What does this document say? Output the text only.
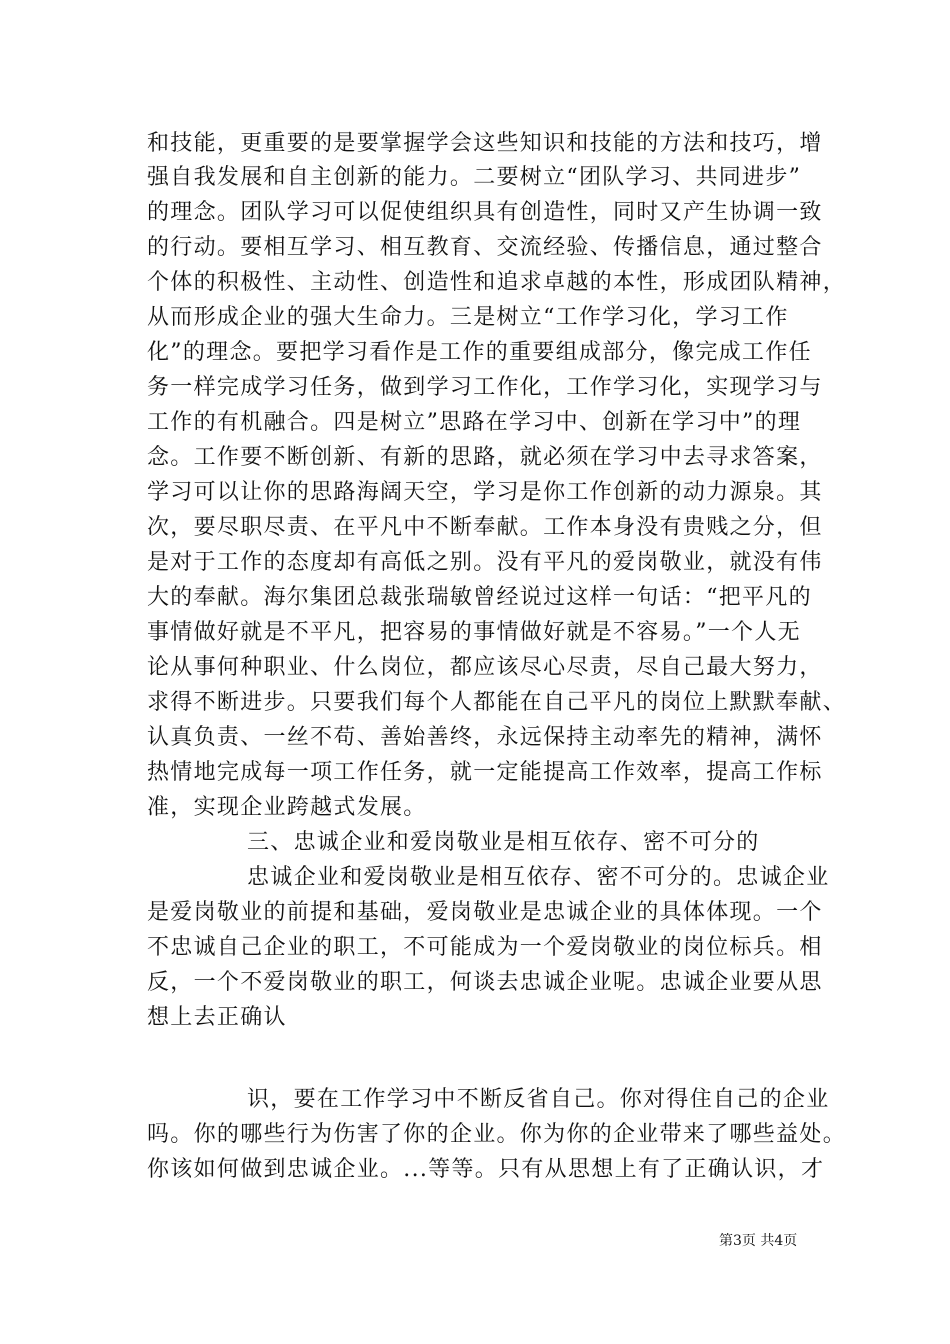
和技能，更重要的是要掌握学会这些知识和技能的方法和技巧，增
强自我发展和自主创新的能力。二要树立“团队学习、共同进步”
的理念。团队学习可以促使组织具有创造性，同时又产生协调一致
的行动。要相互学习、相互教育、交流经验、传播信息，通过整合
个体的积极性、主动性、创造性和追求卓越的本性，形成团队精神，
从而形成企业的强大生命力。三是树立“工作学习化，学习工作
化”的理念。要把学习看作是工作的重要组成部分，像完成工作任
务一样完成学习任务，做到学习工作化，工作学习化，实现学习与
工作的有机融合。四是树立”思路在学习中、创新在学习中”的理
念。工作要不断创新、有新的思路，就必须在学习中去寻求答案，
学习可以让你的思路海阔天空，学习是你工作创新的动力源泉。其
次，要尽职尽责、在平凡中不断奉献。工作本身没有贵贱之分，但
是对于工作的态度却有高低之别。没有平凡的爱岗敬业，就没有伟
大的奉献。海尔集团总裁张瑞敏曾经说过这样一句话：“把平凡的
事情做好就是不平凡，把容易的事情做好就是不容易。”一个人无
论从事何种职业、什么岗位，都应该尽心尽责，尽自己最大努力，
求得不断进步。只要我们每个人都能在自己平凡的岗位上默默奉献、
认真负责、一丝不苟、善始善终，永远保持主动率先的精神，满怀
热情地完成每一项工作任务，就一定能提高工作效率，提高工作标
准，实现企业跨越式发展。
三、忠诚企业和爱岗敬业是相互依存、密不可分的
忠诚企业和爱岗敬业是相互依存、密不可分的。忠诚企业
是爱岗敬业的前提和基础，爱岗敬业是忠诚企业的具体体现。一个
不忠诚自己企业的职工，不可能成为一个爱岗敬业的岗位标兵。相
反，一个不爱岗敬业的职工，何谈去忠诚企业呢。忠诚企业要从思
想上去正确认
识，要在工作学习中不断反省自己。你对得住自己的企业
吗。你的哪些行为伤害了你的企业。你为你的企业带来了哪些益处。
你该如何做到忠诚企业。...等等。只有从思想上有了正确认识，才
第3页 共4页
